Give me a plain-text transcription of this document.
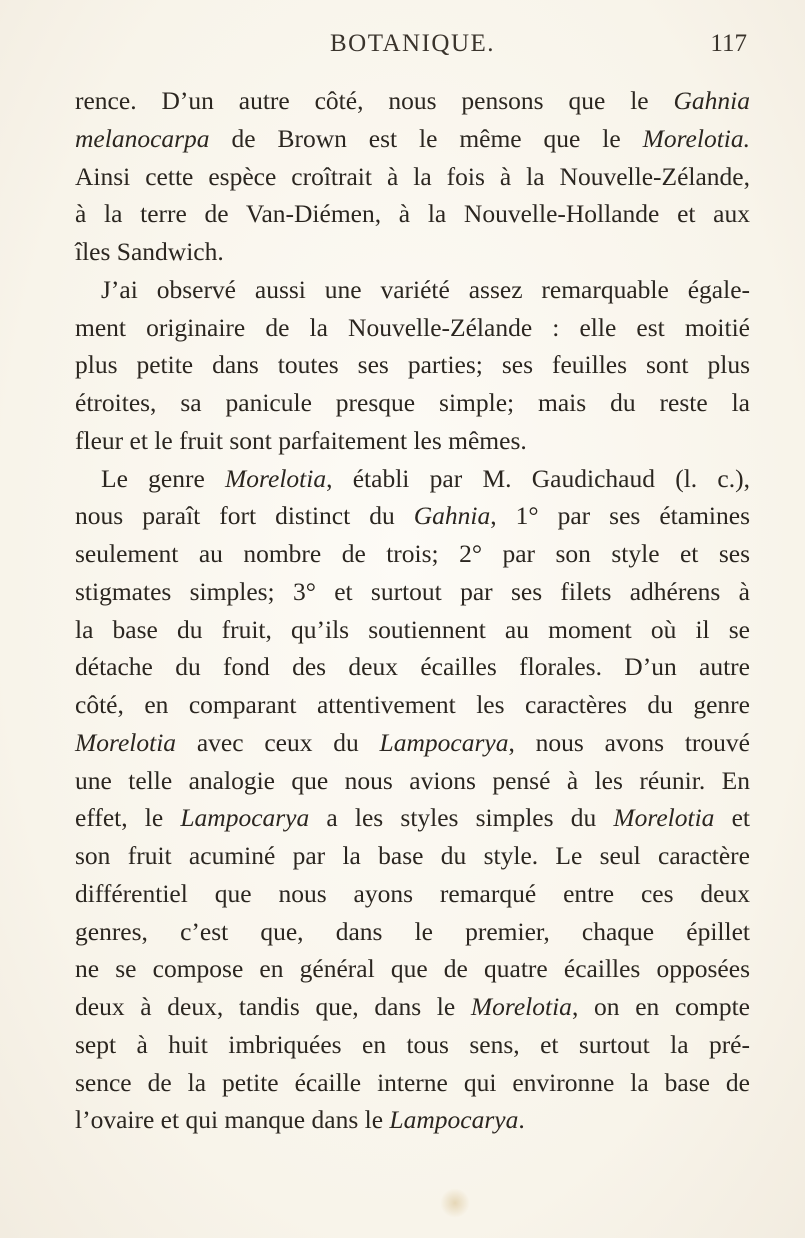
BOTANIQUE.	117
rence. D’un autre côté, nous pensons que le Gahnia
melanocarpa de Brown est le même que le Morelotia.
Ainsi cette espèce croîtrait à la fois à la Nouvelle-Zélande,
à la terre de Van-Diémen, à la Nouvelle-Hollande et aux
îles Sandwich.
J’ai observé aussi une variété assez remarquable égale-
ment originaire de la Nouvelle-Zélande : elle est moitié
plus petite dans toutes ses parties; ses feuilles sont plus
étroites, sa panicule presque simple; mais du reste la
fleur et le fruit sont parfaitement les mêmes.
Le genre Morelotia, établi par M. Gaudichaud (l. c.),
nous paraît fort distinct du Gahnia, 1° par ses étamines
seulement au nombre de trois; 2° par son style et ses
stigmates simples; 3° et surtout par ses filets adhérens à
la base du fruit, qu’ils soutiennent au moment où il se
détache du fond des deux écailles florales. D’un autre
côté, en comparant attentivement les caractères du genre
Morelotia avec ceux du Lampocarya, nous avons trouvé
une telle analogie que nous avions pensé à les réunir. En
effet, le Lampocarya a les styles simples du Morelotia et
son fruit acuminé par la base du style. Le seul caractère
différentiel que nous ayons remarqué entre ces deux
genres, c’est que, dans le premier, chaque épillet
ne se compose en général que de quatre écailles opposées
deux à deux, tandis que, dans le Morelotia, on en compte
sept à huit imbriquées en tous sens, et surtout la pré-
sence de la petite écaille interne qui environne la base de
l’ovaire et qui manque dans le Lampocarya.
